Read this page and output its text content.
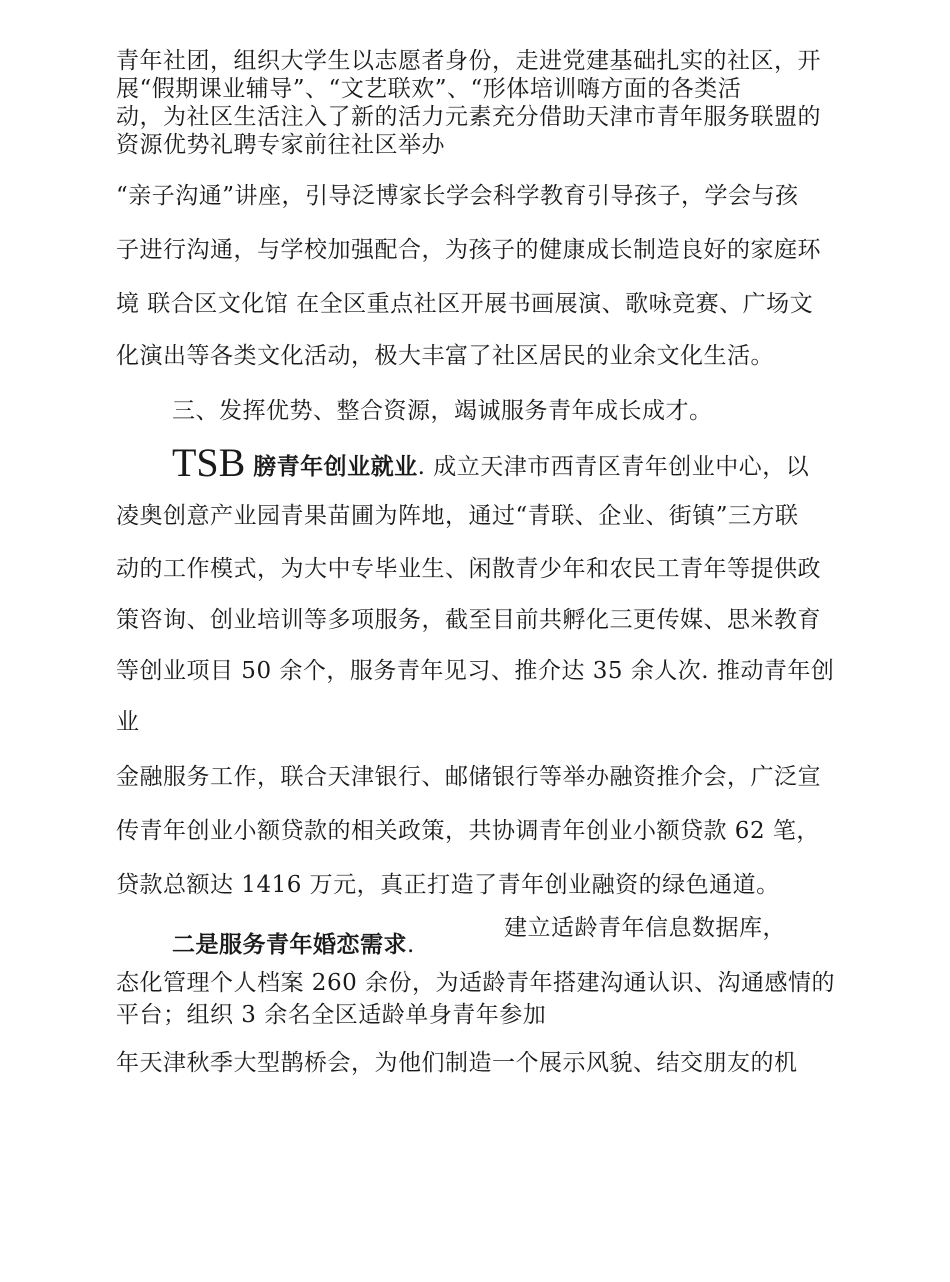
青年社团，组织大学生以志愿者身份，走进党建基础扎实的社区，开
展“假期课业辅导”、“文艺联欢”、“形体培训嗨方面的各类活
动，为社区生活注入了新的活力元素充分借助天津市青年服务联盟的
资源优势礼聘专家前往社区举办
“亲子沟通”讲座，引导泛博家长学会科学教育引导孩子，学会与孩
子进行沟通，与学校加强配合，为孩子的健康成长制造良好的家庭环
境 联合区文化馆 在全区重点社区开展书画展演、歌咏竞赛、广场文
化演出等各类文化活动，极大丰富了社区居民的业余文化生活。
三、发挥优势、整合资源，竭诚服务青年成长成才。
TSB 膀青年创业就业. 成立天津市西青区青年创业中心，以
凌奥创意产业园青果苗圃为阵地，通过“青联、企业、街镇”三方联
动的工作模式，为大中专毕业生、闲散青少年和农民工青年等提供政
策咨询、创业培训等多项服务，截至目前共孵化三更传媒、思米教育
等创业项目 50 余个，服务青年见习、推介达 35 余人次. 推动青年创
业
金融服务工作，联合天津银行、邮储银行等举办融资推介会，广泛宣
传青年创业小额贷款的相关政策，共协调青年创业小额贷款 62 笔，
贷款总额达 1416 万元，真正打造了青年创业融资的绿色通道。
建立适龄青年信息数据库，
二是服务青年婚恋需求.
态化管理个人档案 260 余份，为适龄青年搭建沟通认识、沟通感情的
平台；组织 3 余名全区适龄单身青年参加
年天津秋季大型鹊桥会，为他们制造一个展示风貌、结交朋友的机
